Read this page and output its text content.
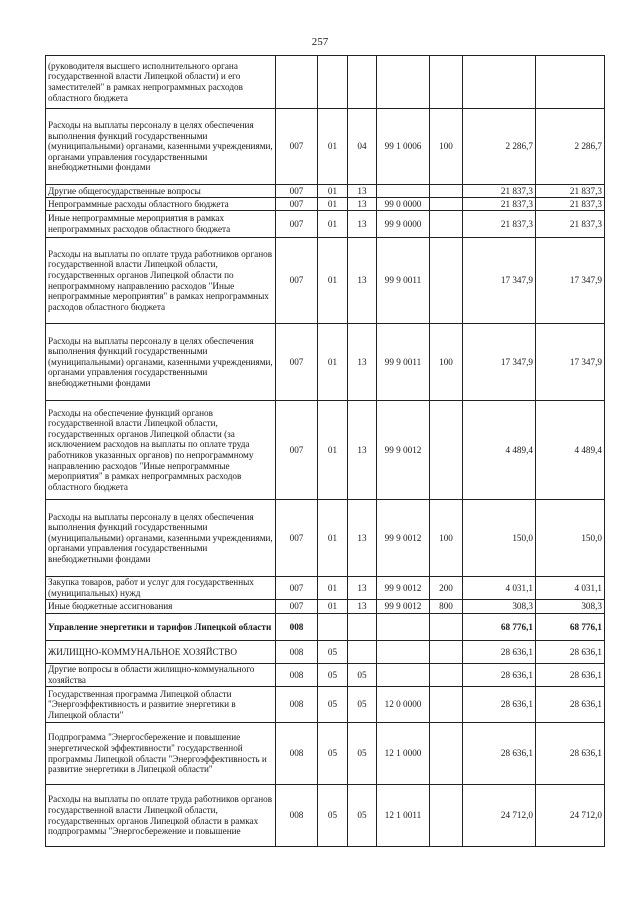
257
(руководителя высшего исполнительного органа государственной власти Липецкой области) и его заместителей" в рамках непрограммных расходов областного бюджета							
Расходы на выплаты персоналу в целях обеспечения выполнения функций государственными (муниципальными) органами, казенными учреждениями, органами управления государственными внебюджетными фондами	007	01	04	99 1 0006	100	2 286,7	2 286,7
Другие общегосударственные вопросы	007	01	13			21 837,3	21 837,3
Непрограммные расходы областного бюджета	007	01	13	99 0 0000		21 837,3	21 837,3
Иные непрограммные мероприятия в рамках непрограммных расходов областного бюджета	007	01	13	99 9 0000		21 837,3	21 837,3
Расходы на выплаты по оплате труда работников органов государственной власти Липецкой области, государственных органов Липецкой области по непрограммному направлению расходов "Иные непрограммные мероприятия" в рамках непрограммных расходов областного бюджета	007	01	13	99 9 0011		17 347,9	17 347,9
Расходы на выплаты персоналу в целях обеспечения выполнения функций государственными (муниципальными) органами, казенными учреждениями, органами управления государственными внебюджетными фондами	007	01	13	99 9 0011	100	17 347,9	17 347,9
Расходы на обеспечение функций органов государственной власти Липецкой области, государственных органов Липецкой области (за исключением расходов на выплаты по оплате труда работников указанных органов) по непрограммному направлению расходов "Иные непрограммные мероприятия" в рамках непрограммных расходов областного бюджета	007	01	13	99 9 0012		4 489,4	4 489,4
Расходы на выплаты персоналу в целях обеспечения выполнения функций государственными (муниципальными) органами, казенными учреждениями, органами управления государственными внебюджетными фондами	007	01	13	99 9 0012	100	150,0	150,0
Закупка товаров, работ и услуг для государственных (муниципальных) нужд	007	01	13	99 9 0012	200	4 031,1	4 031,1
Иные бюджетные ассигнования	007	01	13	99 9 0012	800	308,3	308,3
Управление энергетики и тарифов Липецкой области	008					68 776,1	68 776,1
ЖИЛИЩНО-КОММУНАЛЬНОЕ ХОЗЯЙСТВО	008	05				28 636,1	28 636,1
Другие вопросы в области жилищно-коммунального хозяйства	008	05	05			28 636,1	28 636,1
Государственная программа Липецкой области "Энергоэффективность и развитие энергетики в Липецкой области"	008	05	05	12 0 0000		28 636,1	28 636,1
Подпрограмма "Энергосбережение и повышение энергетической эффективности" государственной программы Липецкой области "Энергоэффективность и развитие энергетики в Липецкой области"	008	05	05	12 1 0000		28 636,1	28 636,1
Расходы на выплаты по оплате труда работников органов государственной власти Липецкой области, государственных органов Липецкой области в рамках подпрограммы "Энергосбережение и повышение	008	05	05	12 1 0011		24 712,0	24 712,0
